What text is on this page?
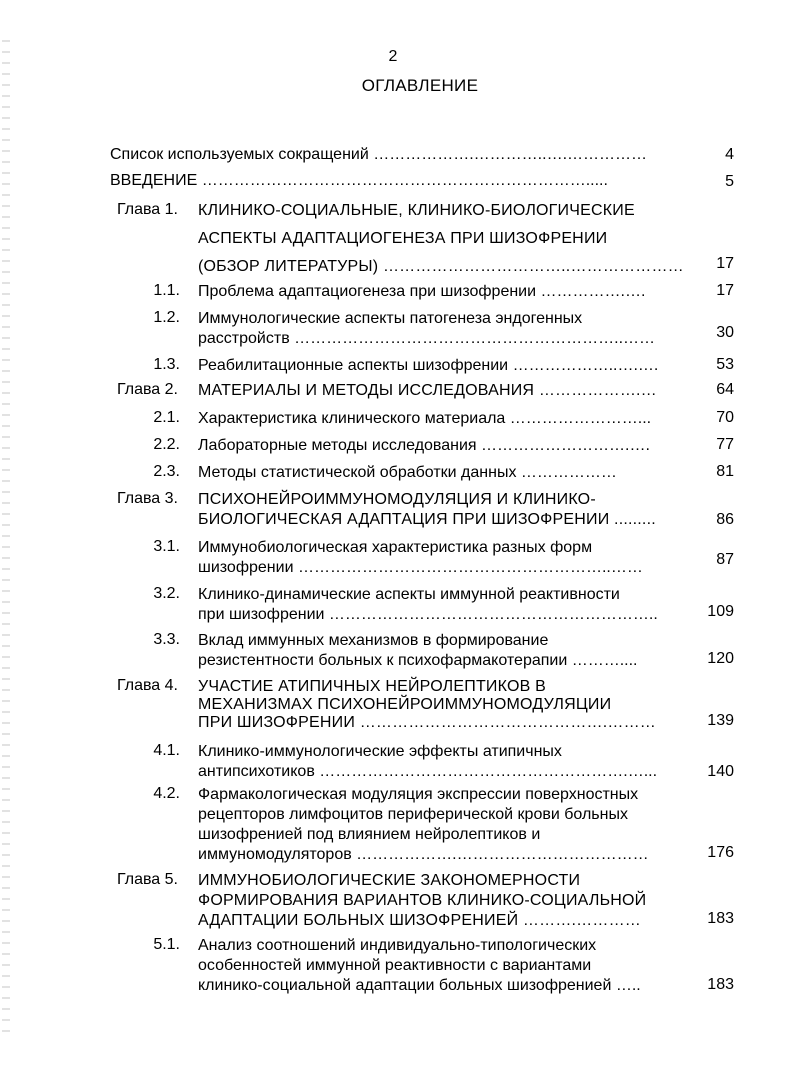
2
ОГЛАВЛЕНИЕ
Список используемых сокращений ……………….…………..….……………	4
ВВЕДЕНИЕ ……………………………………………………………….....	5
Глава 1. КЛИНИКО-СОЦИАЛЬНЫЕ, КЛИНИКО-БИОЛОГИЧЕСКИЕ
АСПЕКТЫ АДАПТАЦИОГЕНЕЗА ПРИ ШИЗОФРЕНИИ
(ОБЗОР ЛИТЕРАТУРЫ) ……………………………..…………………	17
1.1. Проблема адаптациогенеза при шизофрении …………….….	17
1.2. Иммунологические аспекты патогенеза эндогенных
расстройств ……………………………………………………..……	30
1.3. Реабилитационные аспекты шизофрении ………………..….….	53
Глава 2. МАТЕРИАЛЫ И МЕТОДЫ ИССЛЕДОВАНИЯ ……………….…	64
2.1. Характеристика клинического материала ……………………...	70
2.2. Лабораторные методы исследования ……………………….….	77
2.3. Методы статистической обработки данных ………………	81
Глава 3. ПСИХОНЕЙРОИММУНОМОДУЛЯЦИЯ И КЛИНИКО-
БИОЛОГИЧЕСКАЯ АДАПТАЦИЯ ПРИ ШИЗОФРЕНИИ .........	86
3.1. Иммунобиологическая характеристика разных форм
шизофрении …………………………………………………..……	87
3.2. Клинико-динамические аспекты иммунной реактивности
при шизофрении ……………………………………………………..	109
3.3. Вклад иммунных механизмов в формирование
резистентности больных к психофармакотерапии ………....	120
Глава 4. УЧАСТИЕ АТИПИЧНЫХ НЕЙРОЛЕПТИКОВ В
МЕХАНИЗМАХ ПСИХОНЕЙРОИММУНОМОДУЛЯЦИИ
ПРИ ШИЗОФРЕНИИ ……………………………………….………	139
4.1. Клинико-иммунологические эффекты атипичных
антипсихотиков ………………………………………………….…...	140
4.2. Фармакологическая модуляция экспрессии поверхностных
рецепторов лимфоцитов периферической крови больных
шизофренией под влиянием нейролептиков и
иммуномодуляторов ……………….………………………………	176
Глава 5. ИММУНОБИОЛОГИЧЕСКИЕ ЗАКОНОМЕРНОСТИ
ФОРМИРОВАНИЯ ВАРИАНТОВ КЛИНИКО-СОЦИАЛЬНОЙ
АДАПТАЦИИ БОЛЬНЫХ ШИЗОФРЕНИЕЙ ……….…………	183
5.1. Анализ соотношений индивидуально-типологических
особенностей иммунной реактивности с вариантами
клинико-социальной адаптации больных шизофренией …..	183
